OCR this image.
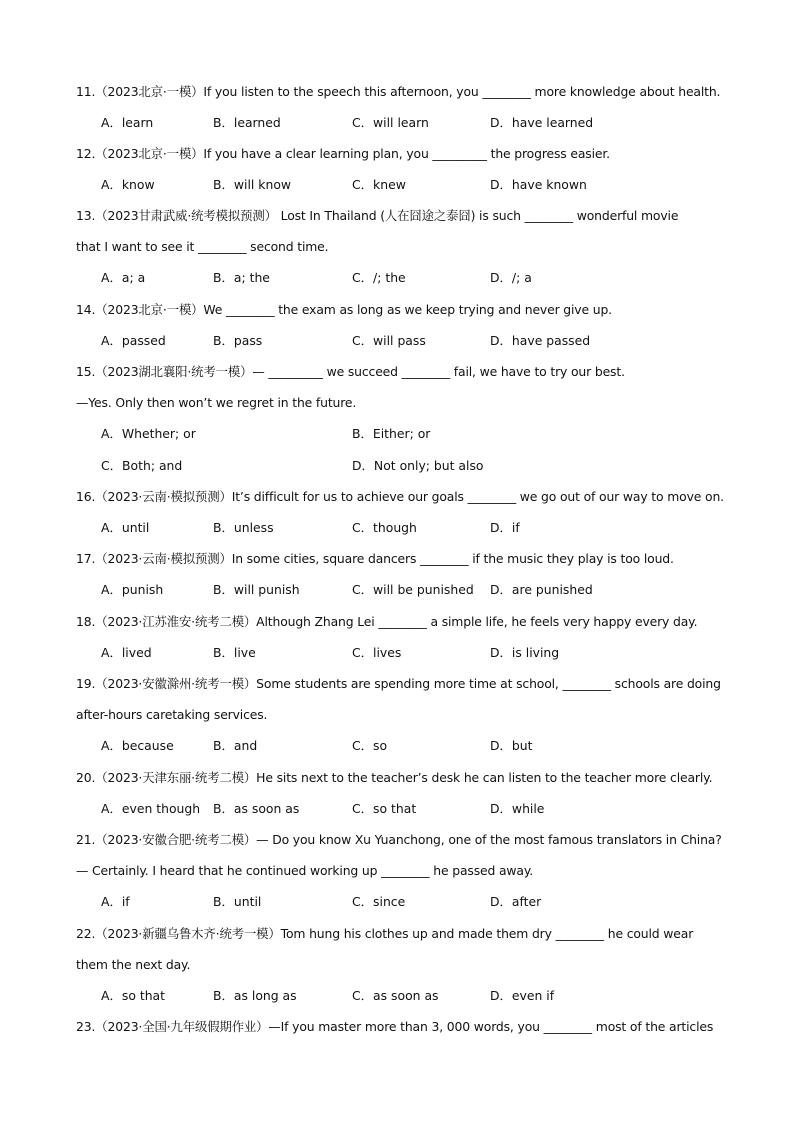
11.（2023北京·一模）If you listen to the speech this afternoon, you ________ more knowledge about health.
A．learn	B．learned	C．will learn	D．have learned
12.（2023北京·一模）If you have a clear learning plan, you _________ the progress easier.
A．know	B．will know	C．knew	D．have known
13.（2023甘肃武威·统考模拟预测） Lost In Thailand (人在囧途之泰囧) is such ________ wonderful movie
that I want to see it ________ second time.
A．a; a	B．a; the	C．/; the	D．/; a
14.（2023北京·一模）We ________ the exam as long as we keep trying and never give up.
A．passed	B．pass	C．will pass	D．have passed
15.（2023湖北襄阳·统考一模）— _________ we succeed ________ fail, we have to try our best.
—Yes. Only then won’t we regret in the future.
A．Whether; or	B．Either; or
C．Both; and	D．Not only; but also
16.（2023·云南·模拟预测）It’s difficult for us to achieve our goals ________ we go out of our way to move on.
A．until	B．unless	C．though	D．if
17.（2023·云南·模拟预测）In some cities, square dancers ________ if the music they play is too loud.
A．punish	B．will punish	C．will be punished D．are punished
18.（2023·江苏淮安·统考二模）Although Zhang Lei ________ a simple life, he feels very happy every day.
A．lived	B．live	C．lives	D．is living
19.（2023·安徽滁州·统考一模）Some students are spending more time at school, ________ schools are doing
after-hours caretaking services.
A．because	B．and	C．so	D．but
20.（2023·天津东丽·统考二模）He sits next to the teacher’s desk he can listen to the teacher more clearly.
A．even though B．as soon as	C．so that	D．while
21.（2023·安徽合肥·统考二模）— Do you know Xu Yuanchong, one of the most famous translators in China?
— Certainly. I heard that he continued working up ________ he passed away.
A．if	B．until	C．since	D．after
22.（2023·新疆乌鲁木齐·统考一模）Tom hung his clothes up and made them dry ________ he could wear
them the next day.
A．so that	B．as long as	C．as soon as	D．even if
23.（2023·全国·九年级假期作业）—If you master more than 3, 000 words, you ________ most of the articles
